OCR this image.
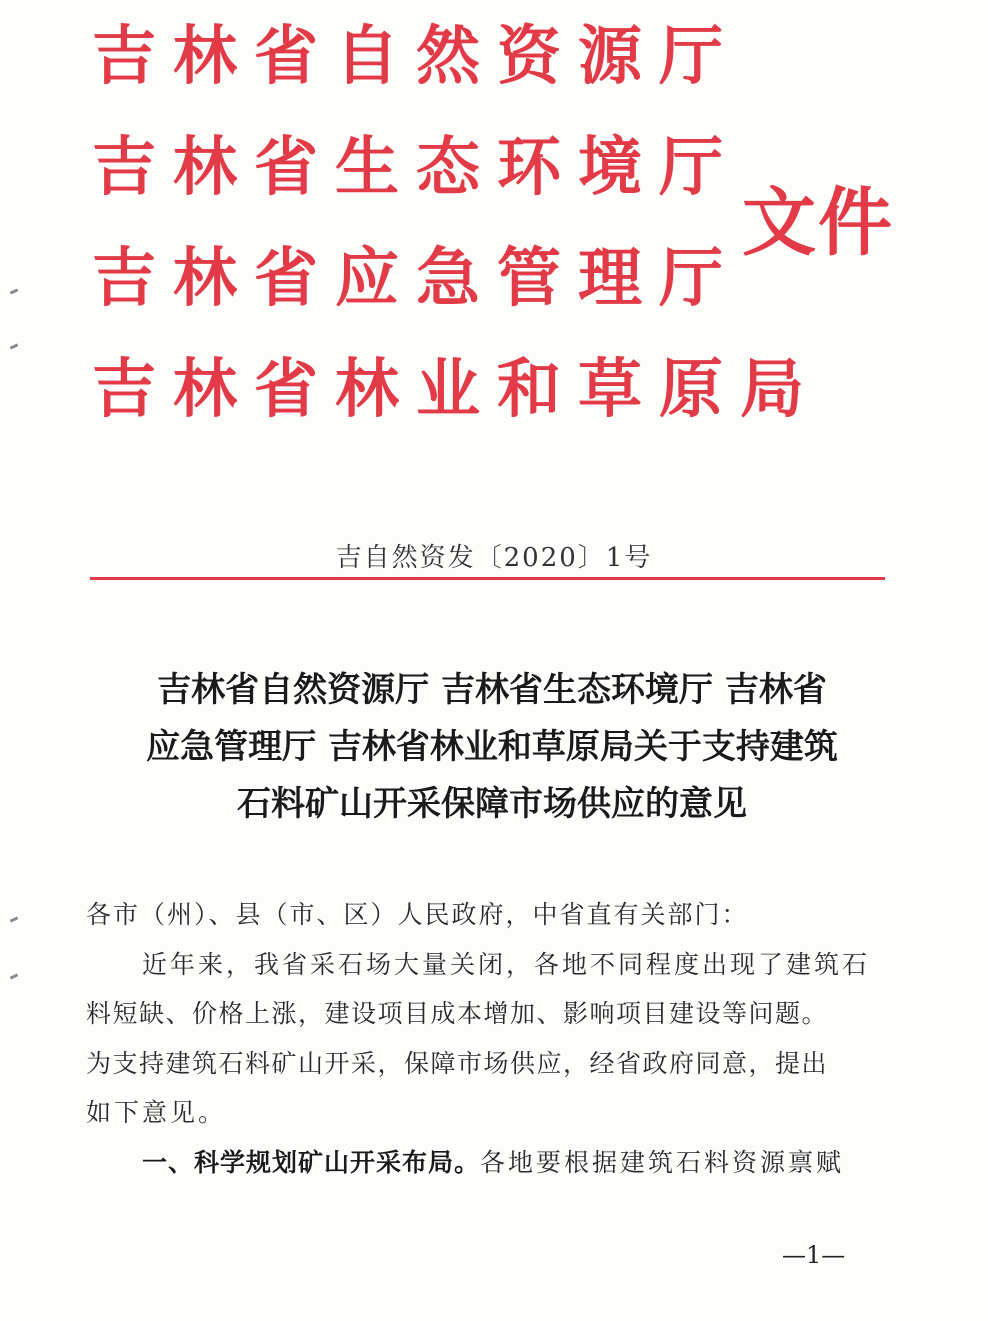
吉林省自然资源厅
吉林省生态环境厅
吉林省应急管理厅
吉林省林业和草原局
文件
吉自然资发〔2020〕1号
吉林省自然资源厅 吉林省生态环境厅 吉林省
应急管理厅 吉林省林业和草原局关于支持建筑
石料矿山开采保障市场供应的意见
各市（州）、县（市、区）人民政府，中省直有关部门：
近年来，我省采石场大量关闭，各地不同程度出现了建筑石
料短缺、价格上涨，建设项目成本增加、影响项目建设等问题。
为支持建筑石料矿山开采，保障市场供应，经省政府同意，提出
如下意见。
一、科学规划矿山开采布局。各地要根据建筑石料资源禀赋
—1—
